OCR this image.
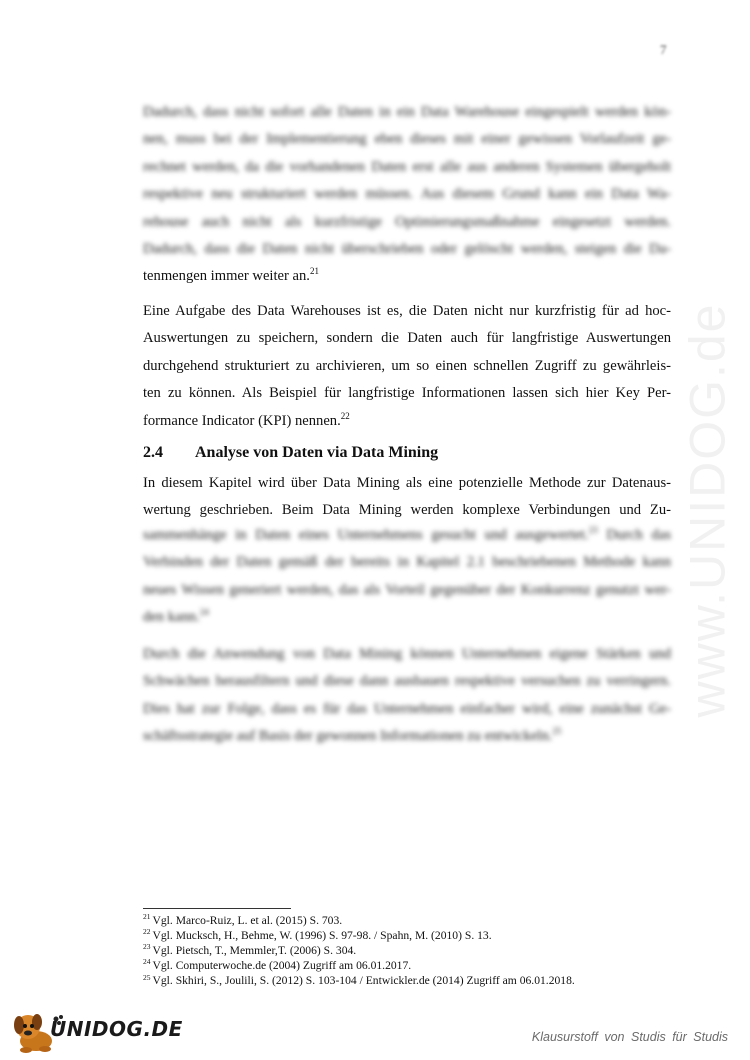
7

Dadurch, dass nicht sofort alle Daten in ein Data Warehouse eingespielt werden kön-
nen, muss bei der Implementierung eben dieses mit einer gewissen Vorlaufzeit ge-
rechnet werden, da die vorhandenen Daten erst alle aus anderen Systemen übergeholt
respektive neu strukturiert werden müssen. Aus diesem Grund kann ein Data Wa-
rehouse auch nicht als kurzfristige Optimierungsmaßnahme eingesetzt werden.
Dadurch, dass die Daten nicht überschrieben oder gelöscht werden, steigen die Da-
tenmengen immer weiter an.$^{21}$

Eine Aufgabe des Data Warehouses ist es, die Daten nicht nur kurzfristig für ad hoc-
Auswertungen zu speichern, sondern die Daten auch für langfristige Auswertungen
durchgehend strukturiert zu archivieren, um so einen schnellen Zugriff zu gewährleis-
ten zu können. Als Beispiel für langfristige Informationen lassen sich hier Key Per-
formance Indicator (KPI) nennen.$^{22}$

2.4 Analyse von Daten via Data Mining

In diesem Kapitel wird über Data Mining als eine potenzielle Methode zur Datenaus-
wertung geschrieben. Beim Data Mining werden komplexe Verbindungen und Zu-

sammenhänge in Daten eines Unternehmens gesucht und ausgewertet.$^{23}$ Durch das
Verbinden der Daten gemäß der bereits in Kapitel 2.1 beschriebenen Methode kann
neues Wissen generiert werden, das als Vorteil gegenüber der Konkurrenz genutzt wer-
den kann.$^{24}$

Durch die Anwendung von Data Mining können Unternehmen eigene Stärken und
Schwächen herausfiltern und diese dann ausbauen respektive versuchen zu verringern.
Dies hat zur Folge, dass es für das Unternehmen einfacher wird, eine zunächst Ge-
schäftsstrategie auf Basis der gewonnen Informationen zu entwickeln.$^{25}$

www.UNIDOG.de
$^{21}$ Vgl. Marco-Ruiz, L. et al. (2015) S. 703.
$^{22}$ Vgl. Mucksch, H., Behme, W. (1996) S. 97-98. / Spahn, M. (2010) S. 13.
$^{23}$ Vgl. Pietsch, T., Memmler,T. (2006) S. 304.
$^{24}$ Vgl. Computerwoche.de (2004) Zugriff am 06.01.2017.
$^{25}$ Vgl. Skhiri, S., Joulili, S. (2012) S. 103-104 / Entwickler.de (2014) Zugriff am 06.01.2018.
UNIDOG.DE	Klausurstoff von Studis für Studis
